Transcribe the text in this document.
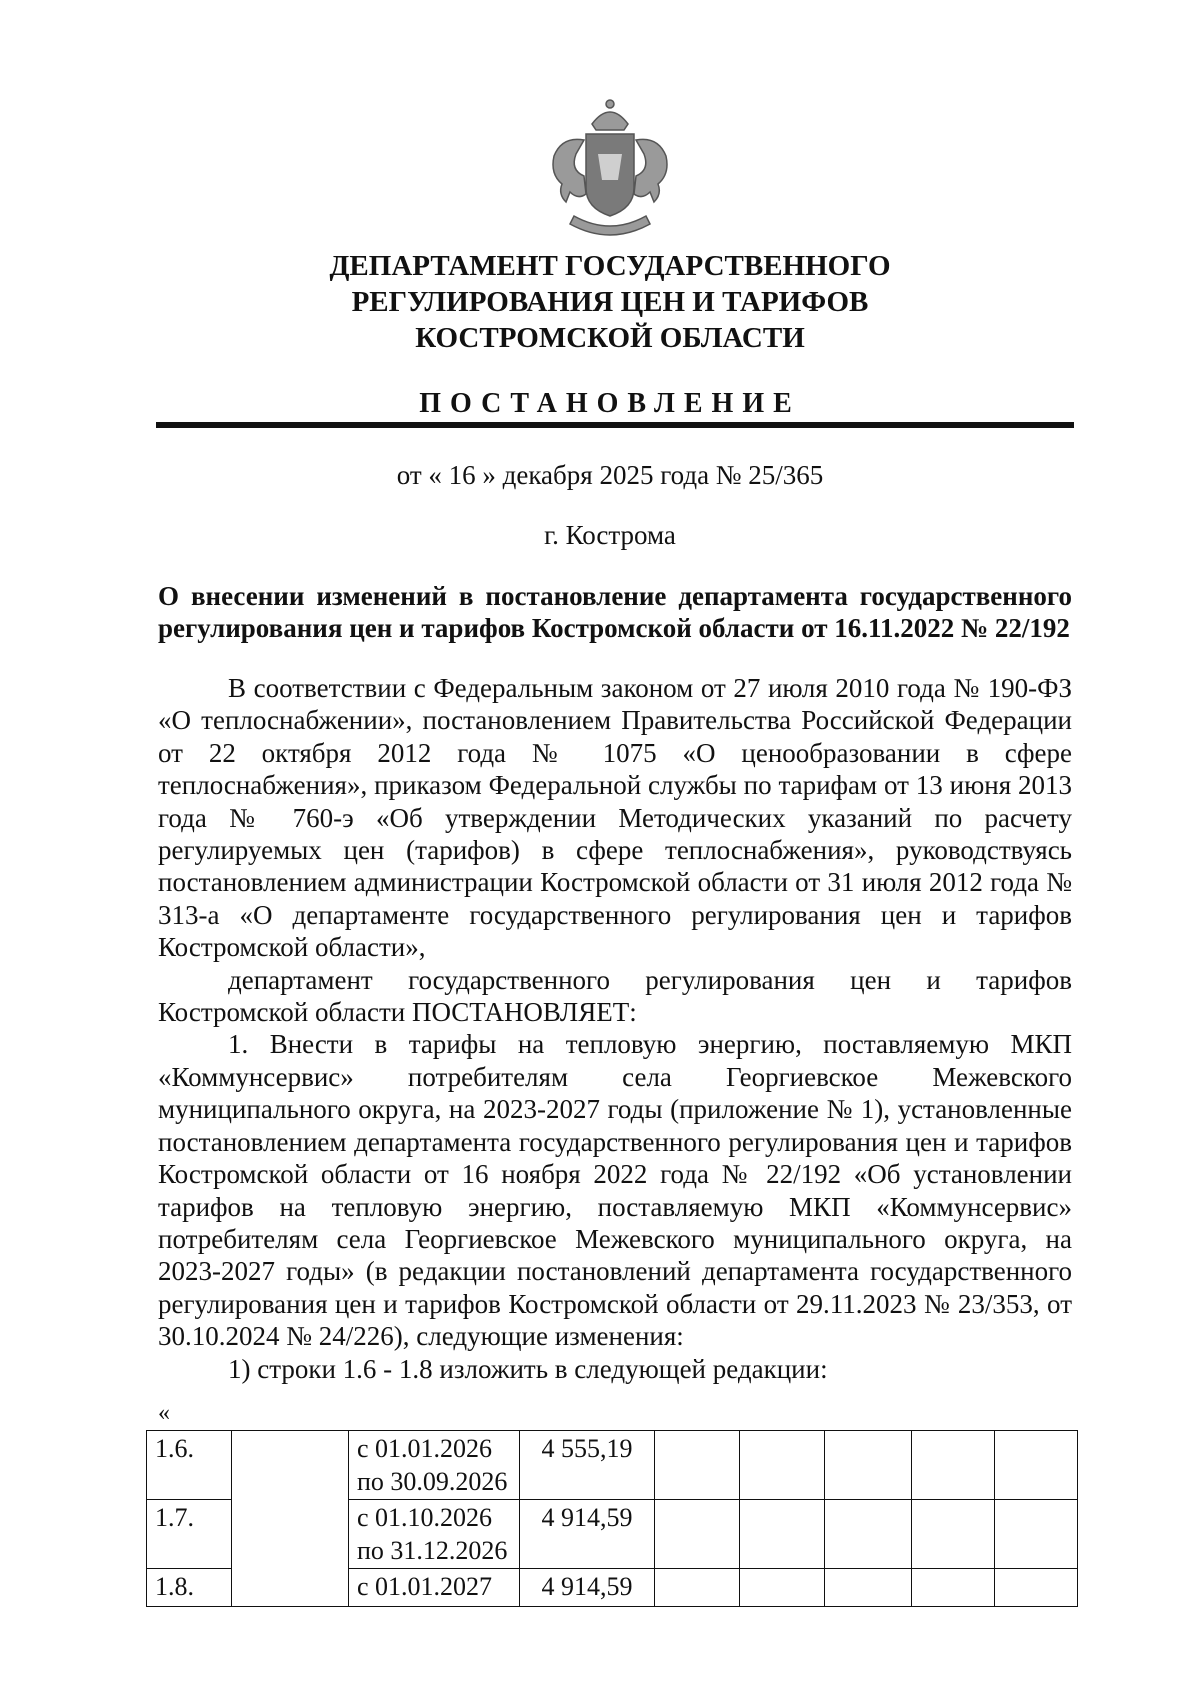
ДЕПАРТАМЕНТ ГОСУДАРСТВЕННОГО
РЕГУЛИРОВАНИЯ ЦЕН И ТАРИФОВ
КОСТРОМСКОЙ ОБЛАСТИ
ПОСТАНОВЛЕНИЕ
от « 16 » декабря 2025 года № 25/365
г. Кострома
О внесении изменений в постановление департамента государственного регулирования цен и тарифов Костромской области от 16.11.2022 № 22/192

В соответствии с Федеральным законом от 27 июля 2010 года № 190-ФЗ «О теплоснабжении», постановлением Правительства Российской Федерации от 22 октября 2012 года № 1075 «О ценообразовании в сфере теплоснабжения», приказом Федеральной службы по тарифам от 13 июня 2013 года № 760-э «Об утверждении Методических указаний по расчету регулируемых цен (тарифов) в сфере теплоснабжения», руководствуясь постановлением администрации Костромской области от 31 июля 2012 года № 313-а «О департаменте государственного регулирования цен и тарифов Костромской области»,

департамент государственного регулирования цен и тарифов Костромской области ПОСТАНОВЛЯЕТ:

1. Внести в тарифы на тепловую энергию, поставляемую МКП «Коммунсервис» потребителям села Георгиевское Межевского муниципального округа, на 2023-2027 годы (приложение № 1), установленные постановлением департамента государственного регулирования цен и тарифов Костромской области от 16 ноября 2022 года № 22/192 «Об установлении тарифов на тепловую энергию, поставляемую МКП «Коммунсервис» потребителям села Георгиевское Межевского муниципального округа, на 2023-2027 годы» (в редакции постановлений департамента государственного регулирования цен и тарифов Костромской области от 29.11.2023 № 23/353, от 30.10.2024 № 24/226), следующие изменения:

1) строки 1.6 - 1.8 изложить в следующей редакции:

«
1.6.		с 01.01.2026
по 30.09.2026	4 555,19					
1.7.		с 01.10.2026
по 31.12.2026	4 914,59					
1.8.		с 01.01.2027	4 914,59					
